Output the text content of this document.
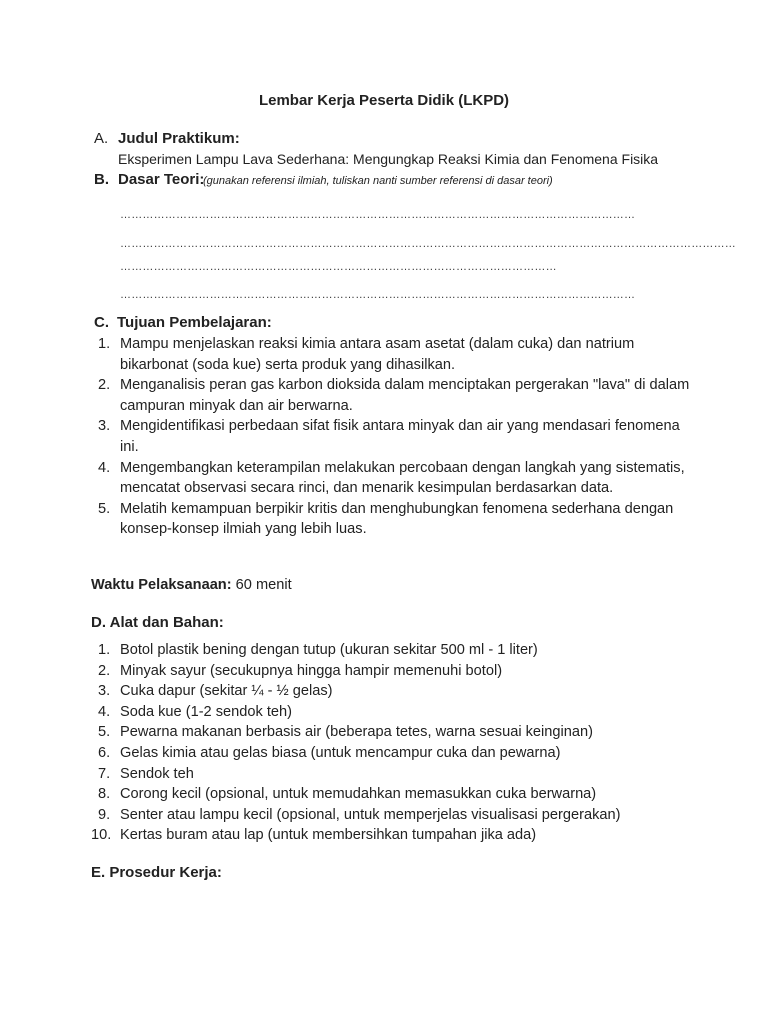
Lembar Kerja Peserta Didik (LKPD)
A. Judul Praktikum:
Eksperimen Lampu Lava Sederhana: Mengungkap Reaksi Kimia dan Fenomena Fisika
B. Dasar Teori:
(gunakan referensi ilmiah, tuliskan nanti sumber referensi di dasar teori)
…………………………………………………………………………………………………………………………
…………………………………………………………………………………………………………………………………………………
………………………………………………………………………………………………………
…………………………………………………………………………………………………………………………
C. Tujuan Pembelajaran:
1. Mampu menjelaskan reaksi kimia antara asam asetat (dalam cuka) dan natrium bikarbonat (soda kue) serta produk yang dihasilkan.
2. Menganalisis peran gas karbon dioksida dalam menciptakan pergerakan "lava" di dalam campuran minyak dan air berwarna.
3. Mengidentifikasi perbedaan sifat fisik antara minyak dan air yang mendasari fenomena ini.
4. Mengembangkan keterampilan melakukan percobaan dengan langkah yang sistematis, mencatat observasi secara rinci, dan menarik kesimpulan berdasarkan data.
5. Melatih kemampuan berpikir kritis dan menghubungkan fenomena sederhana dengan konsep-konsep ilmiah yang lebih luas.
Waktu Pelaksanaan: 60 menit
D. Alat dan Bahan:
1. Botol plastik bening dengan tutup (ukuran sekitar 500 ml - 1 liter)
2. Minyak sayur (secukupnya hingga hampir memenuhi botol)
3. Cuka dapur (sekitar ¼ - ½ gelas)
4. Soda kue (1-2 sendok teh)
5. Pewarna makanan berbasis air (beberapa tetes, warna sesuai keinginan)
6. Gelas kimia atau gelas biasa (untuk mencampur cuka dan pewarna)
7. Sendok teh
8. Corong kecil (opsional, untuk memudahkan memasukkan cuka berwarna)
9. Senter atau lampu kecil (opsional, untuk memperjelas visualisasi pergerakan)
10. Kertas buram atau lap (untuk membersihkan tumpahan jika ada)
E. Prosedur Kerja:
